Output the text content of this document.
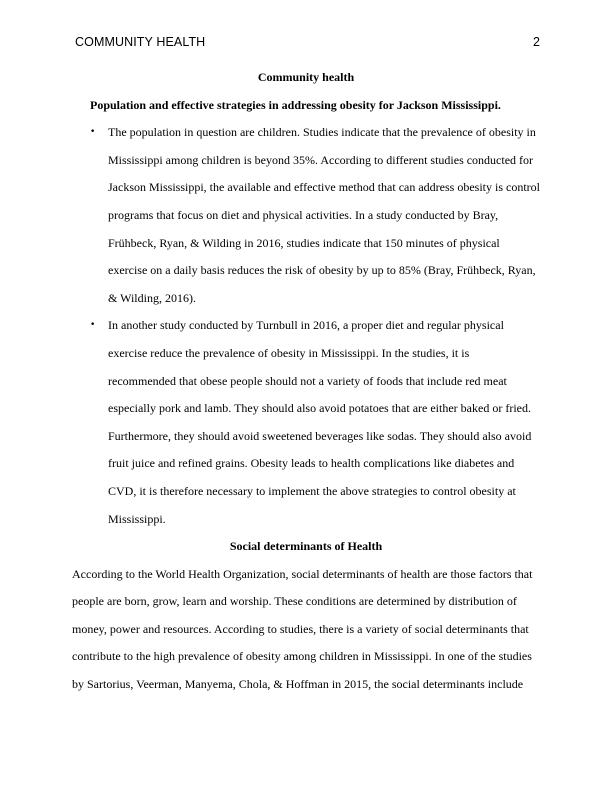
COMMUNITY HEALTH	2

Community health

Population and effective strategies in addressing obesity for Jackson Mississippi.

• The population in question are children. Studies indicate that the prevalence of obesity in Mississippi among children is beyond 35%. According to different studies conducted for Jackson Mississippi, the available and effective method that can address obesity is control programs that focus on diet and physical activities. In a study conducted by Bray, Frühbeck, Ryan, & Wilding in 2016, studies indicate that 150 minutes of physical exercise on a daily basis reduces the risk of obesity by up to 85% (Bray, Frühbeck, Ryan, & Wilding, 2016).
• In another study conducted by Turnbull in 2016, a proper diet and regular physical exercise reduce the prevalence of obesity in Mississippi. In the studies, it is recommended that obese people should not a variety of foods that include red meat especially pork and lamb. They should also avoid potatoes that are either baked or fried. Furthermore, they should avoid sweetened beverages like sodas. They should also avoid fruit juice and refined grains. Obesity leads to health complications like diabetes and CVD, it is therefore necessary to implement the above strategies to control obesity at Mississippi.

Social determinants of Health

According to the World Health Organization, social determinants of health are those factors that people are born, grow, learn and worship. These conditions are determined by distribution of money, power and resources. According to studies, there is a variety of social determinants that contribute to the high prevalence of obesity among children in Mississippi. In one of the studies by Sartorius, Veerman, Manyema, Chola, & Hoffman in 2015, the social determinants include
